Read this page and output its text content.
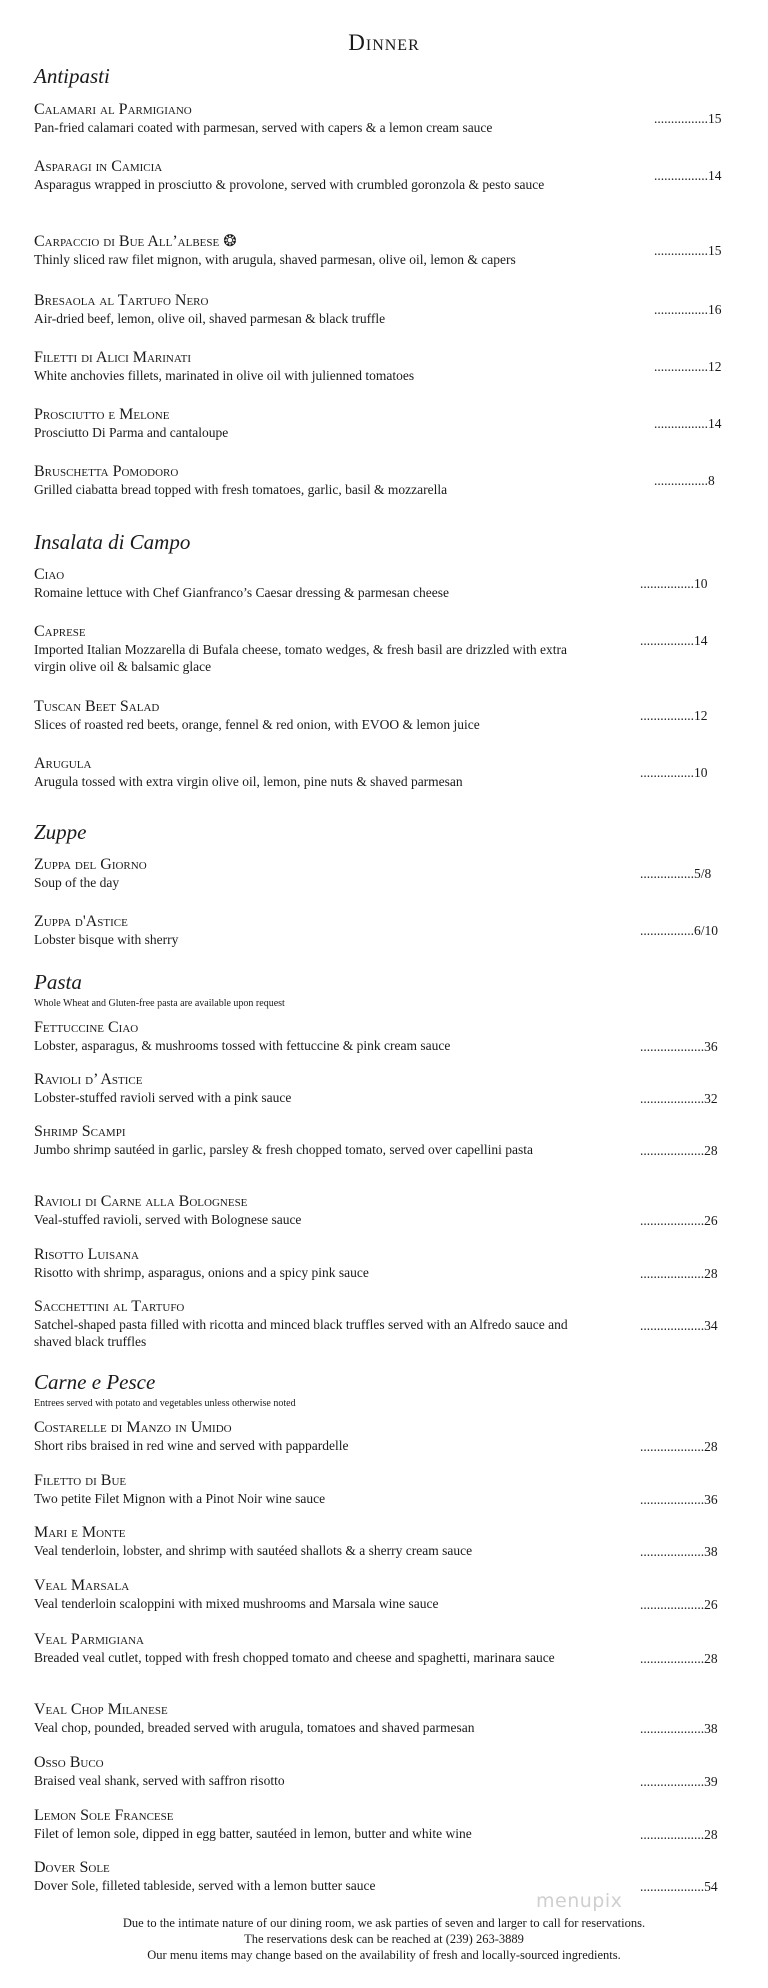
Dinner
Antipasti
Calamari al Parmigiano
Pan-fried calamari coated with parmesan, served with capers & a lemon cream sauce
................15
Asparagi in Camicia
Asparagus wrapped in prosciutto & provolone, served with crumbled goronzola & pesto sauce
................14
Carpaccio di Bue All’albese ❂
Thinly sliced raw filet mignon, with arugula, shaved parmesan, olive oil, lemon & capers
................15
Bresaola al Tartufo Nero
Air-dried beef, lemon, olive oil, shaved parmesan & black truffle
................16
Filetti di Alici Marinati
White anchovies fillets, marinated in olive oil with julienned tomatoes
................12
Prosciutto e Melone
Prosciutto Di Parma and cantaloupe
................14
Bruschetta Pomodoro
Grilled ciabatta bread topped with fresh tomatoes, garlic, basil & mozzarella
................8
Insalata di Campo
Ciao
Romaine lettuce with Chef Gianfranco’s Caesar dressing & parmesan cheese
................10
Caprese
Imported Italian Mozzarella di Bufala cheese, tomato wedges, & fresh basil are drizzled with extra virgin olive oil & balsamic glace
................14
Tuscan Beet Salad
Slices of roasted red beets, orange, fennel & red onion, with EVOO & lemon juice
................12
Arugula
Arugula tossed with extra virgin olive oil, lemon, pine nuts & shaved parmesan
................10
Zuppe
Zuppa del Giorno
Soup of the day
................5/8
Zuppa d'Astice
Lobster bisque with sherry
................6/10
Pasta
Whole Wheat and Gluten-free pasta are available upon request
Fettuccine Ciao
Lobster, asparagus, & mushrooms tossed with fettuccine & pink cream sauce	...................36
Ravioli d’ Astice
Lobster-stuffed ravioli served with a pink sauce	...................32
Shrimp Scampi
Jumbo shrimp sautéed in garlic, parsley & fresh chopped tomato, served over capellini pasta	...................28
Ravioli di Carne alla Bolognese
Veal-stuffed ravioli, served with Bolognese sauce	...................26
Risotto Luisana
Risotto with shrimp, asparagus, onions and a spicy pink sauce	...................28
Sacchettini al Tartufo
Satchel-shaped pasta filled with ricotta and minced black truffles served with an Alfredo sauce and shaved black truffles
...................34
Carne e Pesce
Entrees served with potato and vegetables unless otherwise noted
Costarelle di Manzo in Umido
Short ribs braised in red wine and served with pappardelle	...................28
Filetto di Bue
Two petite Filet Mignon with a Pinot Noir wine sauce	...................36
Mari e Monte
Veal tenderloin, lobster, and shrimp with sautéed shallots & a sherry cream sauce	...................38
Veal Marsala
Veal tenderloin scaloppini with mixed mushrooms and Marsala wine sauce	...................26
Veal Parmigiana
Breaded veal cutlet, topped with fresh chopped tomato and cheese and spaghetti, marinara sauce	...................28
Veal Chop Milanese
Veal chop, pounded, breaded served with arugula, tomatoes and shaved parmesan	...................38
Osso Buco
Braised veal shank, served with saffron risotto	...................39
Lemon Sole Francese
Filet of lemon sole, dipped in egg batter, sautéed in lemon, butter and white wine	...................28
Dover Sole
Dover Sole, filleted tableside, served with a lemon butter sauce	...................54
menupix
Due to the intimate nature of our dining room, we ask parties of seven and larger to call for reservations.
The reservations desk can be reached at (239) 263-3889
Our menu items may change based on the availability of fresh and locally-sourced ingredients.
